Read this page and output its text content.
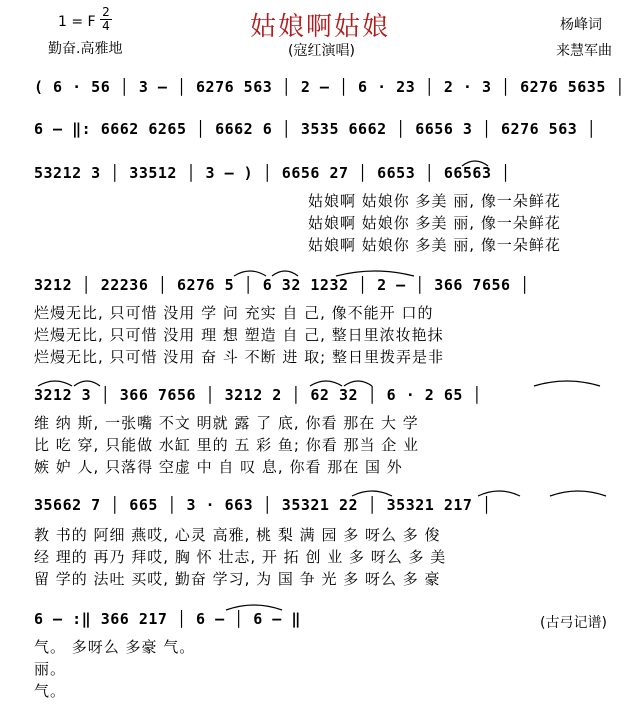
1 = F $\frac{2}{4}$
勤奋.高雅地
姑娘啊姑娘
(寇红演唱)
杨峰词
来慧军曲
( 6 · 56 │ 3 – │ 6276 563 │ 2 – │ 6 · 23 │ 2 · 3 │ 6276 5635 │
6 – ‖: 6662 6265 │ 6662 6 │ 3535 6662 │ 6656 3 │ 6276 563 │
53212 3 │ 33512 │ 3 – ) │ 6656 27 │ 6653 │ 66563 │
姑娘啊 姑娘你 多美 丽, 像一朵鲜花
姑娘啊 姑娘你 多美 丽, 像一朵鲜花
姑娘啊 姑娘你 多美 丽, 像一朵鲜花
3212 │ 22236 │ 6276 5 │ 6 32 1232 │ 2 – │ 366 7656 │
烂熳无比, 只可惜 没用 学 问 充实 自 己, 像不能开 口的
烂熳无比, 只可惜 没用 理 想 塑造 自 己, 整日里浓妆艳抹
烂熳无比, 只可惜 没用 奋 斗 不断 进 取; 整日里拨弄是非
3212 3 │ 366 7656 │ 3212 2 │ 62 32 │ 6 · 2 65 │
维 纳 斯, 一张嘴 不文 明就 露 了 底, 你看 那在 大 学
比 吃 穿, 只能做 水缸 里的 五 彩 鱼; 你看 那当 企 业
嫉 妒 人, 只落得 空虚 中 自 叹 息, 你看 那在 国 外
35662 7 │ 665 │ 3 · 663 │ 35321 22 │ 35321 217 │
教 书的 阿细 燕哎, 心灵 高雅, 桃 梨 满 园 多 呀么 多 俊
经 理的 再乃 拜哎, 胸 怀 壮志, 开 拓 创 业 多 呀么 多 美
留 学的 法吐 买哎, 勤奋 学习, 为 国 争 光 多 呀么 多 豪
6 – :‖ 366 217 │ 6 – │ 6 – ‖	(古弓记谱)
气。 多呀么 多豪 气。
丽。
气。
